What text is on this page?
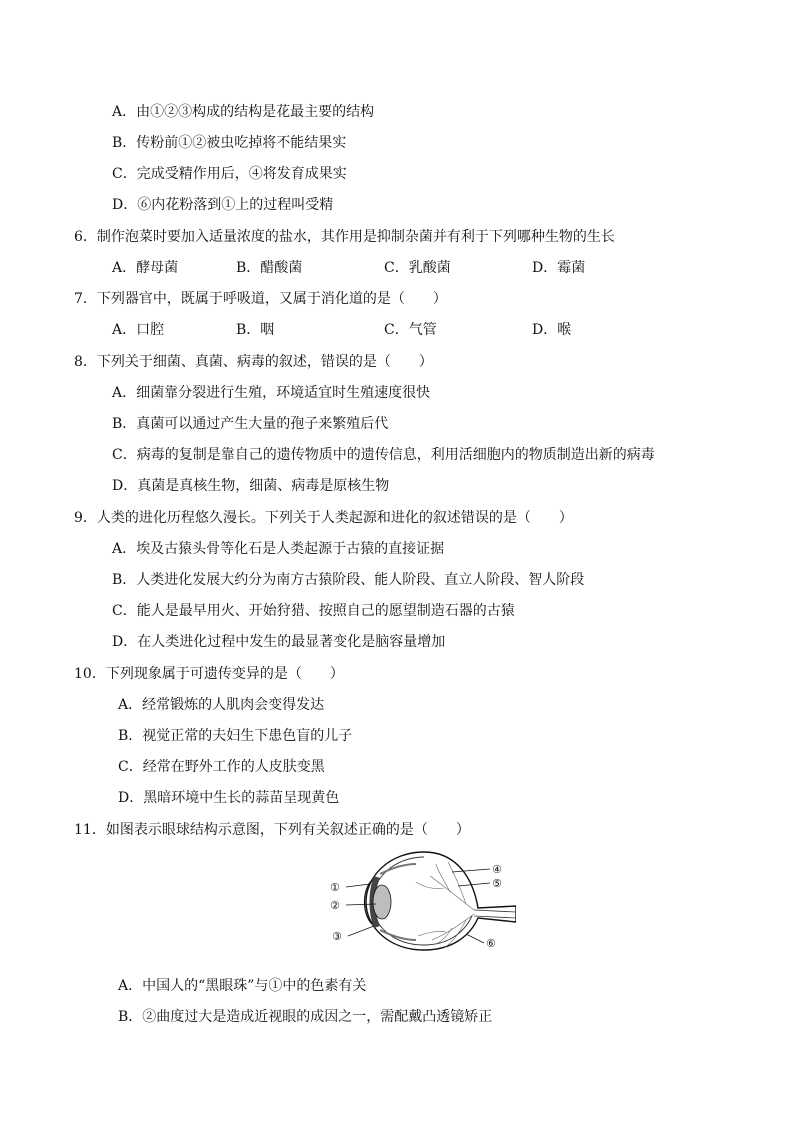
A．由①②③构成的结构是花最主要的结构
B．传粉前①②被虫吃掉将不能结果实
C．完成受精作用后，④将发育成果实
D．⑥内花粉落到①上的过程叫受精
6．制作泡菜时要加入适量浓度的盐水，其作用是抑制杂菌并有利于下列哪种生物的生长
A．酵母菌	B．醋酸菌	C．乳酸菌	D．霉菌
7．下列器官中，既属于呼吸道，又属于消化道的是（　　）
A．口腔	B．咽	C．气管	D．喉
8．下列关于细菌、真菌、病毒的叙述，错误的是（　　）
A．细菌靠分裂进行生殖，环境适宜时生殖速度很快
B．真菌可以通过产生大量的孢子来繁殖后代
C．病毒的复制是靠自己的遗传物质中的遗传信息，利用活细胞内的物质制造出新的病毒
D．真菌是真核生物，细菌、病毒是原核生物
9．人类的进化历程悠久漫长。下列关于人类起源和进化的叙述错误的是（　　）
A．埃及古猿头骨等化石是人类起源于古猿的直接证据
B．人类进化发展大约分为南方古猿阶段、能人阶段、直立人阶段、智人阶段
C．能人是最早用火、开始狩猎、按照自己的愿望制造石器的古猿
D．在人类进化过程中发生的最显著变化是脑容量增加
10．下列现象属于可遗传变异的是（　　）
A．经常锻炼的人肌肉会变得发达
B．视觉正常的夫妇生下患色盲的儿子
C．经常在野外工作的人皮肤变黑
D．黑暗环境中生长的蒜苗呈现黄色
11．如图表示眼球结构示意图，下列有关叙述正确的是（　　）
①
②
③
④
⑤
⑥
A．中国人的“黑眼珠”与①中的色素有关
B．②曲度过大是造成近视眼的成因之一，需配戴凸透镜矫正
